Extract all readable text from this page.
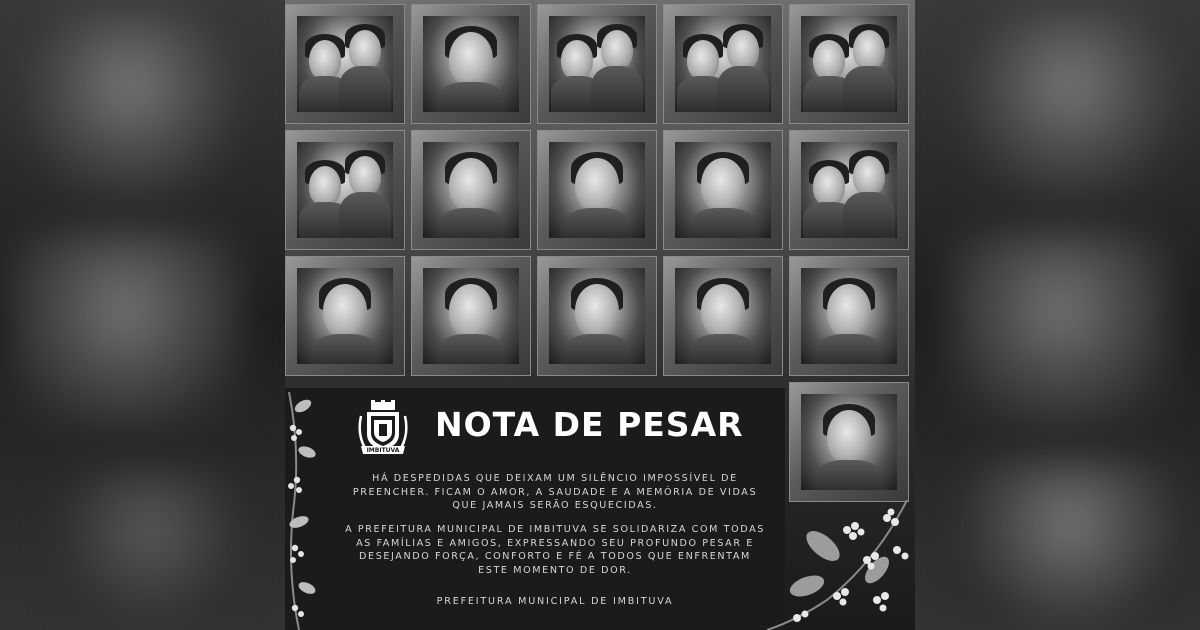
IMBITUVA
NOTA DE PESAR
HÁ DESPEDIDAS QUE DEIXAM UM SILÊNCIO IMPOSSÍVEL DE PREENCHER. FICAM O AMOR, A SAUDADE E A MEMÓRIA DE VIDAS QUE JAMAIS SERÃO ESQUECIDAS.
A PREFEITURA MUNICIPAL DE IMBITUVA SE SOLIDARIZA COM TODAS AS FAMÍLIAS E AMIGOS, EXPRESSANDO SEU PROFUNDO PESAR E DESEJANDO FORÇA, CONFORTO E FÉ A TODOS QUE ENFRENTAM ESTE MOMENTO DE DOR.
PREFEITURA MUNICIPAL DE IMBITUVA
